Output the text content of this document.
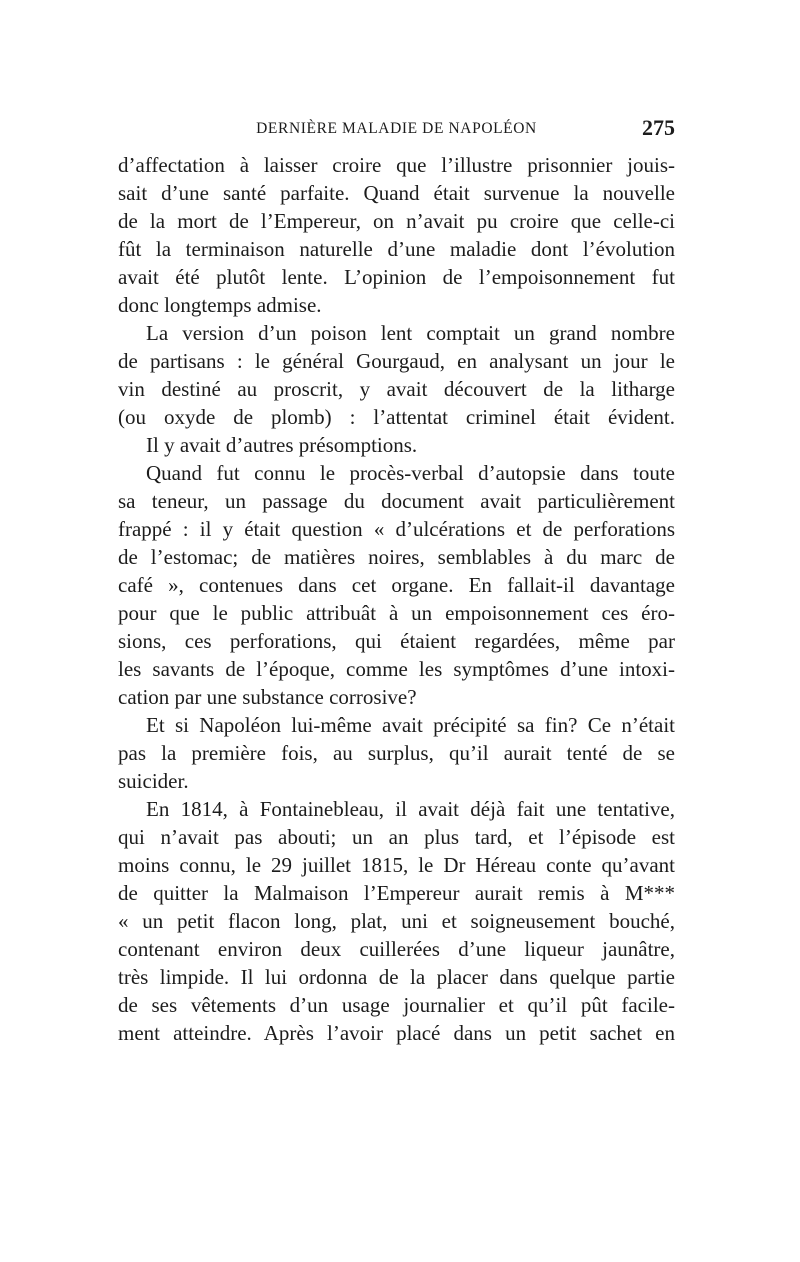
DERNIÈRE MALADIE DE NAPOLÉON	275
d’affectation à laisser croire que l’illustre prisonnier jouis-
sait d’une santé parfaite. Quand était survenue la nouvelle
de la mort de l’Empereur, on n’avait pu croire que celle-ci
fût la terminaison naturelle d’une maladie dont l’évolution
avait été plutôt lente. L’opinion de l’empoisonnement fut
donc longtemps admise.
La version d’un poison lent comptait un grand nombre
de partisans : le général Gourgaud, en analysant un jour le
vin destiné au proscrit, y avait découvert de la litharge
(ou oxyde de plomb) : l’attentat criminel était évident.
Il y avait d’autres présomptions.
Quand fut connu le procès-verbal d’autopsie dans toute
sa teneur, un passage du document avait particulièrement
frappé : il y était question « d’ulcérations et de perforations
de l’estomac; de matières noires, semblables à du marc de
café », contenues dans cet organe. En fallait-il davantage
pour que le public attribuât à un empoisonnement ces éro-
sions, ces perforations, qui étaient regardées, même par
les savants de l’époque, comme les symptômes d’une intoxi-
cation par une substance corrosive?
Et si Napoléon lui-même avait précipité sa fin? Ce n’était
pas la première fois, au surplus, qu’il aurait tenté de se
suicider.
En 1814, à Fontainebleau, il avait déjà fait une tentative,
qui n’avait pas abouti; un an plus tard, et l’épisode est
moins connu, le 29 juillet 1815, le Dr Héreau conte qu’avant
de quitter la Malmaison l’Empereur aurait remis à M***
« un petit flacon long, plat, uni et soigneusement bouché,
contenant environ deux cuillerées d’une liqueur jaunâtre,
très limpide. Il lui ordonna de la placer dans quelque partie
de ses vêtements d’un usage journalier et qu’il pût facile-
ment atteindre. Après l’avoir placé dans un petit sachet en
